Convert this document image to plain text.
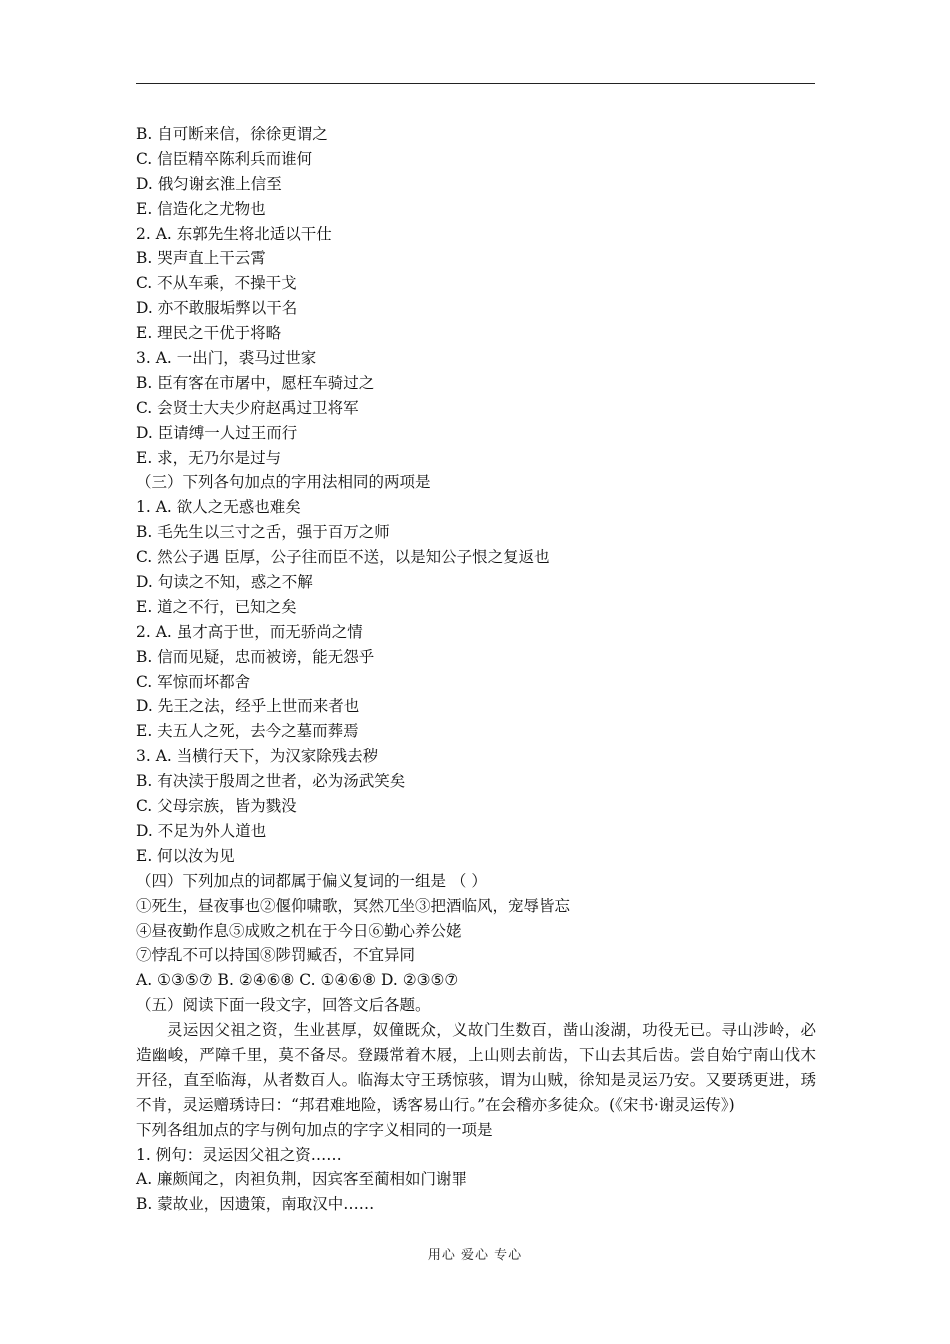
B. 自可断来信，徐徐更谓之
C. 信臣精卒陈利兵而谁何
D. 俄匀谢玄淮上信至
E. 信造化之尤物也
2. A. 东郭先生将北适以干仕
B. 哭声直上干云霄
C. 不从车乘，不操干戈
D. 亦不敢服垢弊以干名
E. 理民之干优于将略
3. A. 一出门，裘马过世家
B. 臣有客在市屠中，愿枉车骑过之
C. 会贤士大夫少府赵禹过卫将军
D. 臣请缚一人过王而行
E. 求，无乃尔是过与
（三）下列各句加点的字用法相同的两项是
1. A. 欲人之无惑也难矣
B. 毛先生以三寸之舌，强于百万之师
C. 然公子遇 臣厚，公子往而臣不送，以是知公子恨之复返也
D. 句读之不知，惑之不解
E. 道之不行，已知之矣
2. A. 虽才高于世，而无骄尚之情
B. 信而见疑，忠而被谤，能无怨乎
C. 军惊而坏都舍
D. 先王之法，经乎上世而来者也
E. 夫五人之死，去今之墓而葬焉
3. A. 当横行天下，为汉家除残去秽
B. 有决渎于殷周之世者，必为汤武笑矣
C. 父母宗族，皆为戮没
D. 不足为外人道也
E. 何以汝为见
（四）下列加点的词都属于偏义复词的一组是 （ ）
①死生，昼夜事也②偃仰啸歌，冥然兀坐③把酒临风，宠辱皆忘
④昼夜勤作息⑤成败之机在于今日⑥勤心养公姥
⑦悖乱不可以持国⑧陟罚臧否，不宜异同
A. ①③⑤⑦ B. ②④⑥⑧ C. ①④⑥⑧ D. ②③⑤⑦
（五）阅读下面一段文字，回答文后各题。
灵运因父祖之资，生业甚厚，奴僮既众，义故门生数百，凿山浚湖，功役无已。寻山涉岭，必造幽峻，严障千里，莫不备尽。登蹑常着木屐，上山则去前齿，下山去其后齿。尝自始宁南山伐木开径，直至临海，从者数百人。临海太守王琇惊骇，谓为山贼，徐知是灵运乃安。又要琇更进，琇不肯，灵运赠琇诗曰：“邦君难地险，诱客易山行。”在会稽亦多徒众。(《宋书·谢灵运传》)
下列各组加点的字与例句加点的字字义相同的一项是
1. 例句：灵运因父祖之资……
A. 廉颇闻之，肉袒负荆，因宾客至蔺相如门谢罪
B. 蒙故业，因遗策，南取汉中……
用心 爱心 专心
